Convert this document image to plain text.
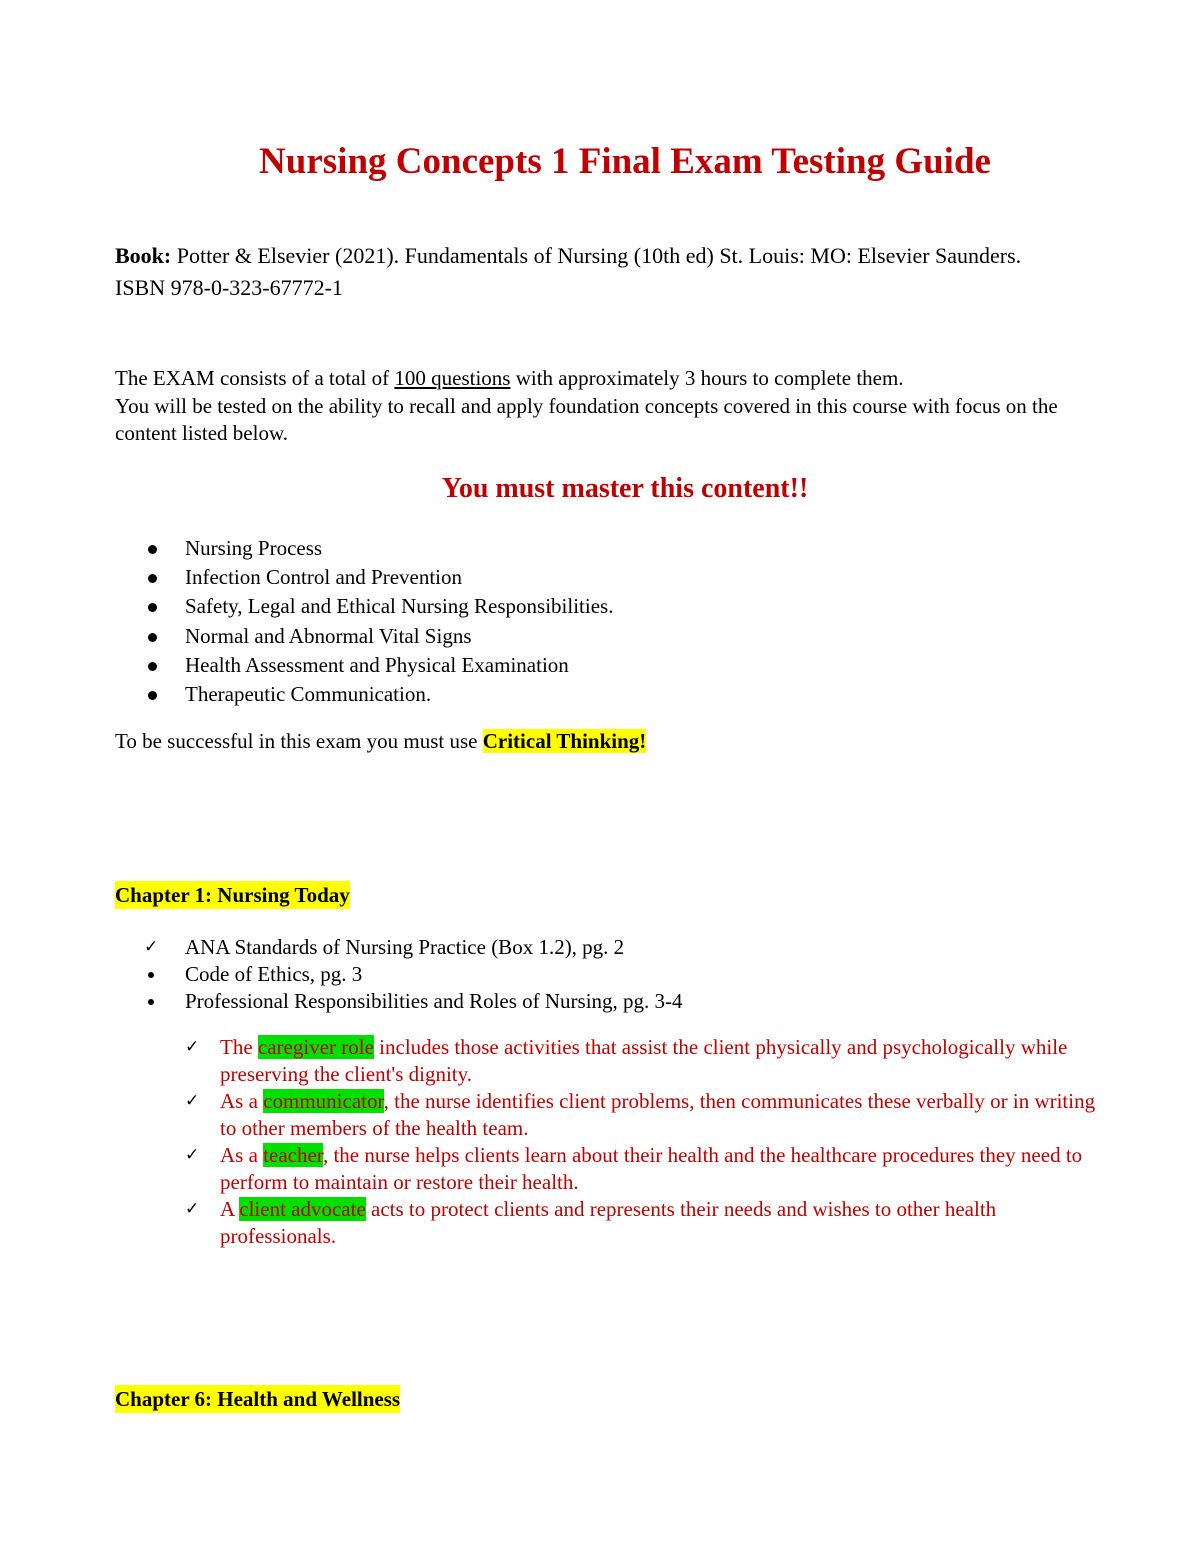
Nursing Concepts 1 Final Exam Testing Guide

Book: Potter & Elsevier (2021). Fundamentals of Nursing (10th ed) St. Louis: MO: Elsevier Saunders. ISBN 978-0-323-67772-1

The EXAM consists of a total of 100 questions with approximately 3 hours to complete them.
You will be tested on the ability to recall and apply foundation concepts covered in this course with focus on the content listed below.

You must master this content!!
Nursing Process
Infection Control and Prevention
Safety, Legal and Ethical Nursing Responsibilities.
Normal and Abnormal Vital Signs
Health Assessment and Physical Examination
Therapeutic Communication.

To be successful in this exam you must use Critical Thinking!

Chapter 1: Nursing Today

✓ ANA Standards of Nursing Practice (Box 1.2), pg. 2
Code of Ethics, pg. 3
Professional Responsibilities and Roles of Nursing, pg. 3-4
✓ The caregiver role includes those activities that assist the client physically and psychologically while preserving the client's dignity.
✓ As a communicator, the nurse identifies client problems, then communicates these verbally or in writing to other members of the health team.
✓ As a teacher, the nurse helps clients learn about their health and the healthcare procedures they need to perform to maintain or restore their health.
✓ A client advocate acts to protect clients and represents their needs and wishes to other health professionals.

Chapter 6: Health and Wellness
